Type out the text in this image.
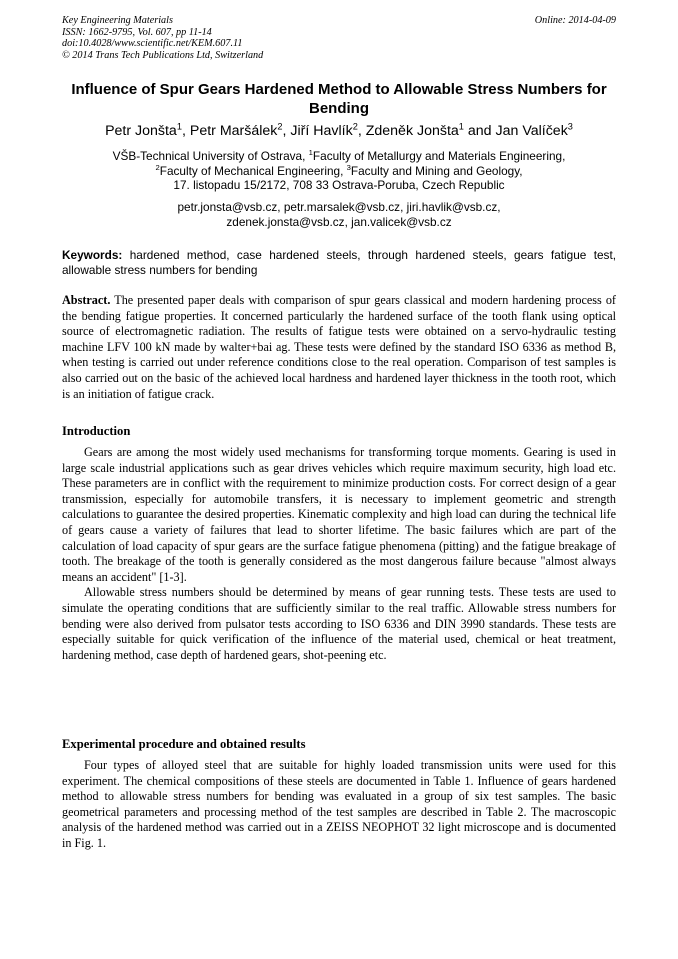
Key Engineering Materials
ISSN: 1662-9795, Vol. 607, pp 11-14
doi:10.4028/www.scientific.net/KEM.607.11
© 2014 Trans Tech Publications Ltd, Switzerland
Online: 2014-04-09
Influence of Spur Gears Hardened Method to Allowable Stress Numbers for Bending
Petr Jonšta$^1$, Petr Maršálek$^2$, Jiří Havlík$^2$, Zdeněk Jonšta$^1$ and Jan Valíček$^3$
VŠB-Technical University of Ostrava, $^1$Faculty of Metallurgy and Materials Engineering,
$^2$Faculty of Mechanical Engineering, $^3$Faculty and Mining and Geology,
17. listopadu 15/2172, 708 33 Ostrava-Poruba, Czech Republic
petr.jonsta@vsb.cz, petr.marsalek@vsb.cz, jiri.havlik@vsb.cz,
zdenek.jonsta@vsb.cz, jan.valicek@vsb.cz
Keywords: hardened method, case hardened steels, through hardened steels, gears fatigue test, allowable stress numbers for bending
Abstract. The presented paper deals with comparison of spur gears classical and modern hardening process of the bending fatigue properties. It concerned particularly the hardened surface of the tooth flank using optical source of electromagnetic radiation. The results of fatigue tests were obtained on a servo-hydraulic testing machine LFV 100 kN made by walter+bai ag. These tests were defined by the standard ISO 6336 as method B, when testing is carried out under reference conditions close to the real operation. Comparison of test samples is also carried out on the basic of the achieved local hardness and hardened layer thickness in the tooth root, which is an initiation of fatigue crack.
Introduction

Gears are among the most widely used mechanisms for transforming torque moments. Gearing is used in large scale industrial applications such as gear drives vehicles which require maximum security, high load etc. These parameters are in conflict with the requirement to minimize production costs. For correct design of a gear transmission, especially for automobile transfers, it is necessary to implement geometric and strength calculations to guarantee the desired properties. Kinematic complexity and high load can during the technical life of gears cause a variety of failures that lead to shorter lifetime. The basic failures which are part of the calculation of load capacity of spur gears are the surface fatigue phenomena (pitting) and the fatigue breakage of tooth. The breakage of the tooth is generally considered as the most dangerous failure because "almost always means an accident" [1-3].

Allowable stress numbers should be determined by means of gear running tests. These tests are used to simulate the operating conditions that are sufficiently similar to the real traffic. Allowable stress numbers for bending were also derived from pulsator tests according to ISO 6336 and DIN 3990 standards. These tests are especially suitable for quick verification of the influence of the material used, chemical or heat treatment, hardening method, case depth of hardened gears, shot-peening etc.

Experimental procedure and obtained results

Four types of alloyed steel that are suitable for highly loaded transmission units were used for this experiment. The chemical compositions of these steels are documented in Table 1. Influence of gears hardened method to allowable stress numbers for bending was evaluated in a group of six test samples. The basic geometrical parameters and processing method of the test samples are described in Table 2. The macroscopic analysis of the hardened method was carried out in a ZEISS NEOPHOT 32 light microscope and is documented in Fig. 1.
